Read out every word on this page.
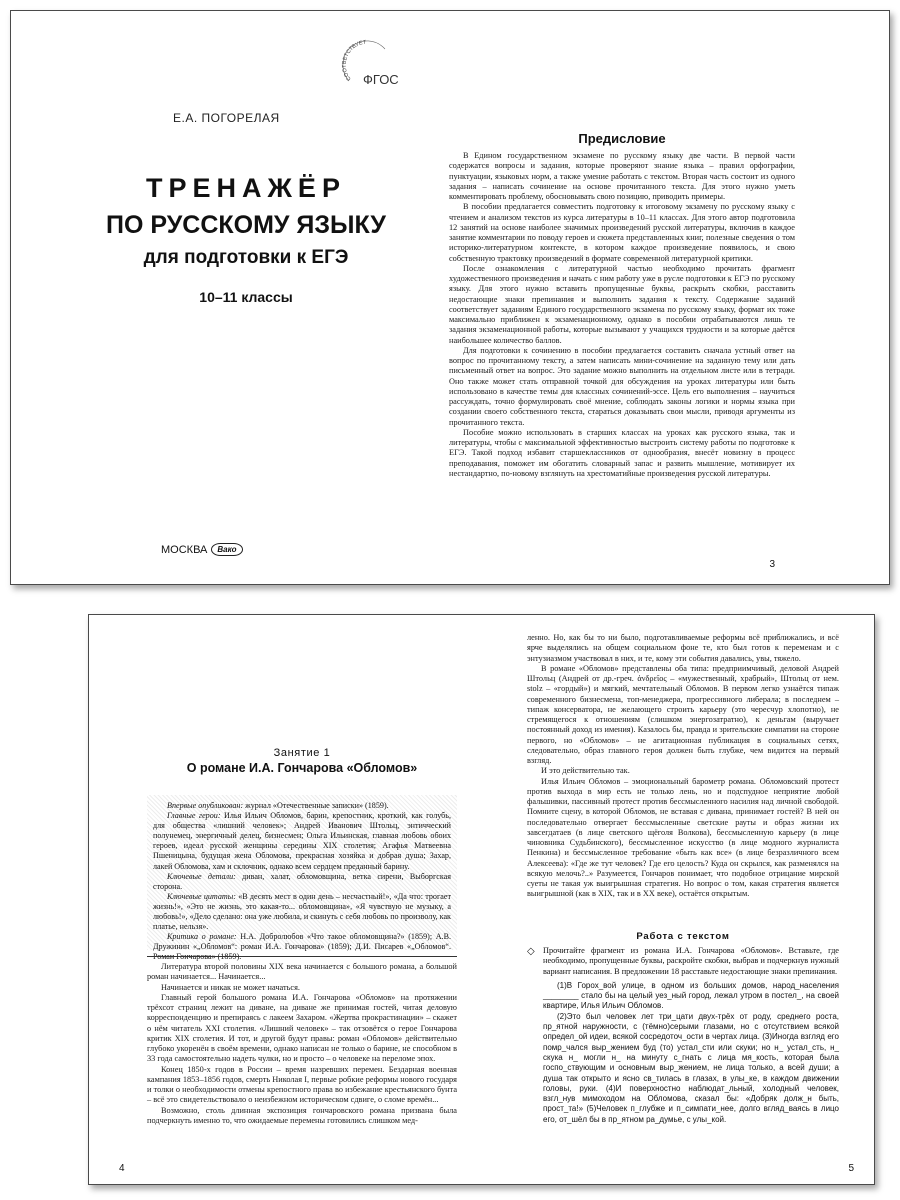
СООТВЕТСТВУЕТ
ФГОС
Е.А. ПОГОРЕЛАЯ
ТРЕНАЖЁР
ПО РУССКОМУ ЯЗЫКУ
для подготовки к ЕГЭ
10–11 классы
МОСКВА	Вако
Предисловие

В Едином государственном экзамене по русскому языку две части. В первой части содержатся вопросы и задания, которые проверяют знание языка – правил орфографии, пунктуации, языковых норм, а также умение работать с текстом. Вторая часть состоит из одного задания – написать сочинение на основе прочитанного текста. Для этого нужно уметь комментировать проблему, обосновывать свою позицию, приводить примеры.

В пособии предлагается совместить подготовку к итоговому экзамену по русскому языку с чтением и анализом текстов из курса литературы в 10–11 классах. Для этого автор подготовила 12 занятий на основе наиболее значимых произведений русской литературы, включив в каждое занятие комментарии по поводу героев и сюжета представленных книг, полезные сведения о том историко-литературном контексте, в котором каждое произведение появилось, и свою собственную трактовку произведений в формате современной литературной критики.

После ознакомления с литературной частью необходимо прочитать фрагмент художественного произведения и начать с ним работу уже в русле подготовки к ЕГЭ по русскому языку. Для этого нужно вставить пропущенные буквы, раскрыть скобки, расставить недостающие знаки препинания и выполнить задания к тексту. Содержание заданий соответствует заданиям Единого государственного экзамена по русскому языку, формат их тоже максимально приближен к экзаменационному, однако в пособии отрабатываются лишь те задания экзаменационной работы, которые вызывают у учащихся трудности и за которые даётся наибольшее количество баллов.

Для подготовки к сочинению в пособии предлагается составить сначала устный ответ на вопрос по прочитанному тексту, а затем написать мини-сочинение на заданную тему или дать письменный ответ на вопрос. Это задание можно выполнить на отдельном листе или в тетради. Оно также может стать отправной точкой для обсуждения на уроках литературы или быть использовано в качестве темы для классных сочинений-эссе. Цель его выполнения – научиться рассуждать, точно формулировать своё мнение, соблюдать законы логики и нормы языка при создании своего собственного текста, стараться доказывать свои мысли, приводя аргументы из прочитанного текста.

Пособие можно использовать в старших классах на уроках как русского языка, так и литературы, чтобы с максимальной эффективностью выстроить систему работы по подготовке к ЕГЭ. Такой подход избавит старшеклассников от однообразия, внесёт новизну в процесс преподавания, поможет им обогатить словарный запас и развить мышление, мотивирует их нестандартно, по-новому взглянуть на хрестоматийные произведения русской литературы.

3
Занятие 1
О романе И.А. Гончарова «Обломов»

Впервые опубликован: журнал «Отечественные записки» (1859).

Главные герои: Илья Ильич Обломов, барин, крепостник, кроткий, как голубь, для общества «лишний человек»; Андрей Иванович Штольц, энтичческий полунемец, энергичный делец, бизнесмен; Ольга Ильинская, главная любовь обоих героев, идеал русской женщины середины XIX столетия; Агафья Матвеевна Пшеницына, будущая жена Обломова, прекрасная хозяйка и добрая душа; Захар, лакей Обломова, хам и склочник, однако всем сердцем преданный барину.

Ключевые детали: диван, халат, обломовщина, ветка сирени, Выборгская сторона.

Ключевые цитаты: «В десять мест в один день – несчастный!», «Да что: трогает жизнь!», «Это не жизнь, это какая-то... обломовщина», «Я чувствую не музыку, а любовь!», «Дело сделано: она уже любила, и скинуть с себя любовь по произволу, как платье, нельзя».

Критика о романе: Н.А. Добролюбов «Что такое обломовщина?» (1859); А.В. Дружинин «„Обломов“: роман И.А. Гончарова» (1859); Д.И. Писарев «„Обломов“.

Литература второй половины XIX века начинается с большого романа, а большой роман начинается... Начинается...

Начинается и никак не может начаться.

Главный герой большого романа И.А. Гончарова «Обломов» на протяжении трёхсот страниц лежит на диване, на диване же принимая гостей, читая деловую корреспонденцию и препираясь с лакеем Захаром. «Жертва прокрастинации» – скажет о нём читатель XXI столетия. «Лишний человек» – так отзовётся о герое Гончарова критик XIX столетия. И тот, и другой будут правы: роман «Обломов» действительно глубоко укоренён в своём времени, однако написан не только о барине, не способном в 33 года самостоятельно надеть чулки, но и просто – о человеке на переломе эпох.

Конец 1850-х годов в России – время назревших перемен. Бездарная военная кампания 1853–1856 годов, смерть Николая I, первые робкие реформы нового государя и толки о необходимости отмены крепостного права во избежание крестьянского бунта – всё это свидетельствовало о неизбежном историческом сдвиге, о сломе времён...

Возможно, столь длинная экспозиция гончаровского романа призвана была подчеркнуть именно то, что ожидаемые перемены готовились слишком мед-

ленно. Но, как бы то ни было, подготавливаемые реформы всё приближались, и всё ярче выделялись на общем социальном фоне те, кто был готов к переменам и с энтузиазмом участвовал в них, и те, кому эти события давались, увы, тяжело.

В романе «Обломов» представлены оба типа: предприимчивый, деловой Андрей Штольц (Андрей от др.-греч. ἀνδρεῖος – «мужественный, храбрый», Штольц от нем. stolz – «гордый») и мягкий, мечтательный Обломов. В первом легко узнаётся типаж современного бизнесмена, топ-менеджера, прогрессивного либерала; в последнем – типаж консерватора, не желающего строить карьеру (это чересчур хлопотно), не стремящегося к отношениям (слишком энергозатратно), к деньгам (выручает постоянный доход из имения). Казалось бы, правда и зрительские симпатии на стороне первого, но «Обломов» – не агитационная публикация в социальных сетях, следовательно, образ главного героя должен быть глубже, чем видится на первый взгляд.

И это действительно так.

Илья Ильич Обломов – эмоциональный барометр романа. Обломовский протест против выхода в мир есть не только лень, но и подспудное неприятие любой фальшивки, пассивный протест против бессмысленного насилия над личной свободой. Помните сцену, в которой Обломов, не вставая с дивана, принимает гостей? В ней он последовательно отвергает бессмысленные светские рауты и образ жизни их завсегдатаев (в лице светского щёголя Волкова), бессмысленную карьеру (в лице чиновника Судьбинского), бессмысленное искусство (в лице модного журналиста Пенкина) и бессмысленное требование «быть как все» (в лице безразличного всем Алексеева): «Где же тут человек? Где его целость? Куда он скрылся, как разменялся на всякую мелочь?..» Разумеется, Гончаров понимает, что подобное отрицание мирской суеты не такая уж выигрышная стратегия. Но вопрос о том, какая стратегия является выигрышной (как в XIX, так и в XX веке), остаётся открытым.

Работа с текстом
◇ Прочитайте фрагмент из романа И.А. Гончарова «Обломов». Вставьте, где необходимо, пропущенные буквы, раскройте скобки, выбрав и подчеркнув нужный вариант написания. В предложении 18 расставьте недостающие знаки препинания.

(1)В Горох_вой улице, в одном из больших домов, народ_населения ________ стало бы на целый уез_ный город, лежал утром в постел_, на своей квартире, Илья Ильич Обломов.

(2)Это был человек лет три_цати двух-трёх от роду, среднего роста, пр_ятной наружности, с (тёмно)серыми глазами, но с отсутствием всякой определ_ой идеи, всякой сосредоточ_ости в чертах лица. (3)Иногда взгляд его помр_чался выр_жением буд (то) устал_сти или скуки; но н_ устал_сть, н_ скука н_ могли н_ на минуту с_гнать с лица мя_кость, которая была госпо_ствующим и основным выр_жением, не лица только, а всей души; а душа так открыто и ясно св_тилась в глазах, в улы_ке, в каждом движении головы, руки. (4)И поверхностно наблюдат_льный, холодный человек, взгл_нув мимоходом на Обломова, сказал бы: «Добряк долж_н быть, прост_та!» (5)Человек п_глубже и п_симпати_нее, долго вгляд_ваясь в лицо его, от_шёл бы в пр_ятном ра_думье, с улы_кой.

4	5
